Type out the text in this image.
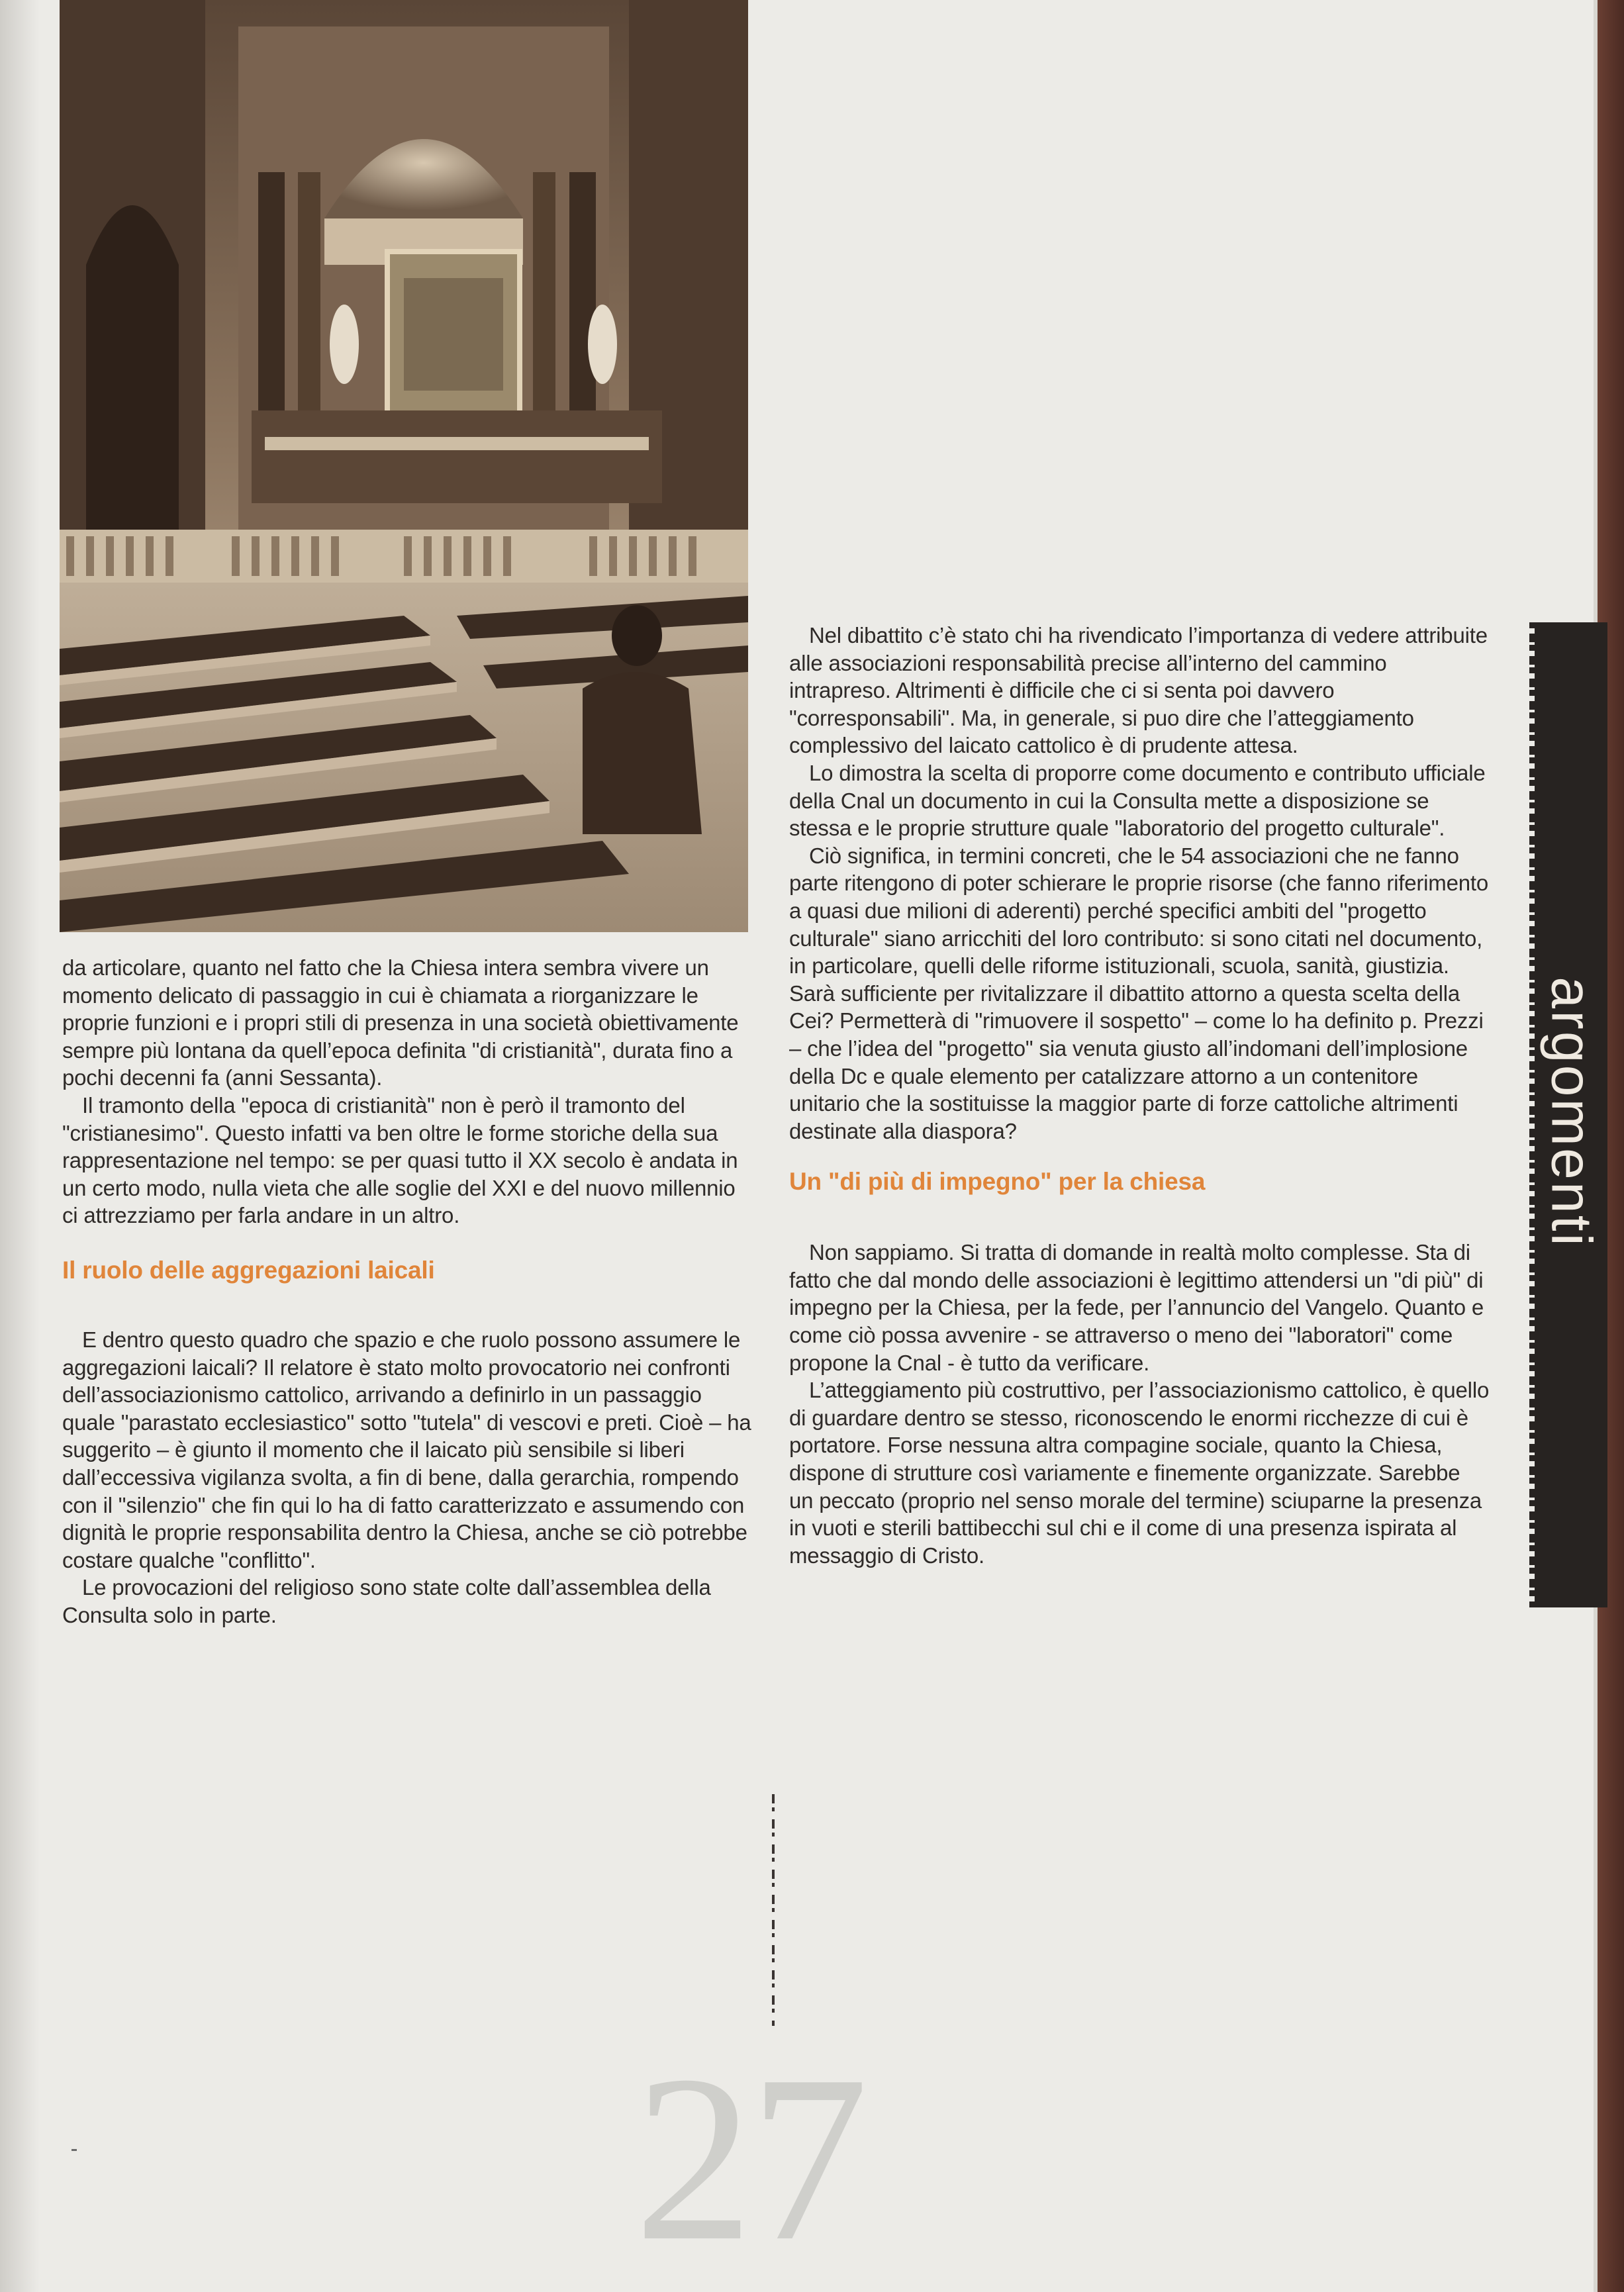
da articolare, quanto nel fatto che la Chiesa intera sembra vivere un momento delicato di passaggio in cui è chiamata a riorganizzare le proprie funzioni e i propri stili di presenza in una società obiettivamente sempre più lontana da quell’epoca definita "di cristianità", durata fino a pochi decenni fa (anni Sessanta).

Il tramonto della "epoca di cristianità" non è però il tramonto del "cristianesimo". Questo infatti va ben oltre le forme storiche della sua rappresentazione nel tempo: se per quasi tutto il XX secolo è andata in un certo modo, nulla vieta che alle soglie del XXI e del nuovo millennio ci attrezziamo per farla andare in un altro.

Il ruolo delle aggregazioni laicali

E dentro questo quadro che spazio e che ruolo possono assumere le aggregazioni laicali? Il relatore è stato molto provocatorio nei confronti dell’associazionismo cattolico, arrivando a definirlo in un passaggio quale "parastato ecclesiastico" sotto "tutela" di vescovi e preti. Cioè – ha suggerito – è giunto il momento che il laicato più sensibile si liberi dall’eccessiva vigilanza svolta, a fin di bene, dalla gerarchia, rompendo con il "silenzio" che fin qui lo ha di fatto caratterizzato e assumendo con dignità le proprie responsabilita dentro la Chiesa, anche se ciò potrebbe costare qualche "conflitto".

Le provocazioni del religioso sono state colte dall’assemblea della Consulta solo in parte.

Nel dibattito c’è stato chi ha rivendicato l’importanza di vedere attribuite alle associazioni responsabilità precise all’interno del cammino intrapreso. Altrimenti è difficile che ci si senta poi davvero "corresponsabili". Ma, in generale, si puo dire che l’atteggiamento complessivo del laicato cattolico è di prudente attesa.

Lo dimostra la scelta di proporre come documento e contributo ufficiale della Cnal un documento in cui la Consulta mette a disposizione se stessa e le proprie strutture quale "laboratorio del progetto culturale".

Ciò significa, in termini concreti, che le 54 associazioni che ne fanno parte ritengono di poter schierare le proprie risorse (che fanno riferimento a quasi due milioni di aderenti) perché specifici ambiti del "progetto culturale" siano arricchiti del loro contributo: si sono citati nel documento, in particolare, quelli delle riforme istituzionali, scuola, sanità, giustizia. Sarà sufficiente per rivitalizzare il dibattito attorno a questa scelta della Cei? Permetterà di "rimuovere il sospetto" – come lo ha definito p. Prezzi – che l’idea del "progetto" sia venuta giusto all’indomani dell’implosione della Dc e quale elemento per catalizzare attorno a un contenitore unitario che la sostituisse la maggior parte di forze cattoliche altrimenti destinate alla diaspora?

Un "di più di impegno" per la chiesa

Non sappiamo. Si tratta di domande in realtà molto complesse. Sta di fatto che dal mondo delle associazioni è legittimo attendersi un "di più" di impegno per la Chiesa, per la fede, per l’annuncio del Vangelo. Quanto e come ciò possa avvenire - se attraverso o meno dei "laboratori" come propone la Cnal - è tutto da verificare.

L’atteggiamento più costruttivo, per l’associazionismo cattolico, è quello di guardare dentro se stesso, riconoscendo le enormi ricchezze di cui è portatore. Forse nessuna altra compagine sociale, quanto la Chiesa, dispone di strutture così variamente e finemente organizzate. Sarebbe un peccato (proprio nel senso morale del termine) sciuparne la presenza in vuoti e sterili battibecchi sul chi e il come di una presenza ispirata al messaggio di Cristo.

argomenti
27
